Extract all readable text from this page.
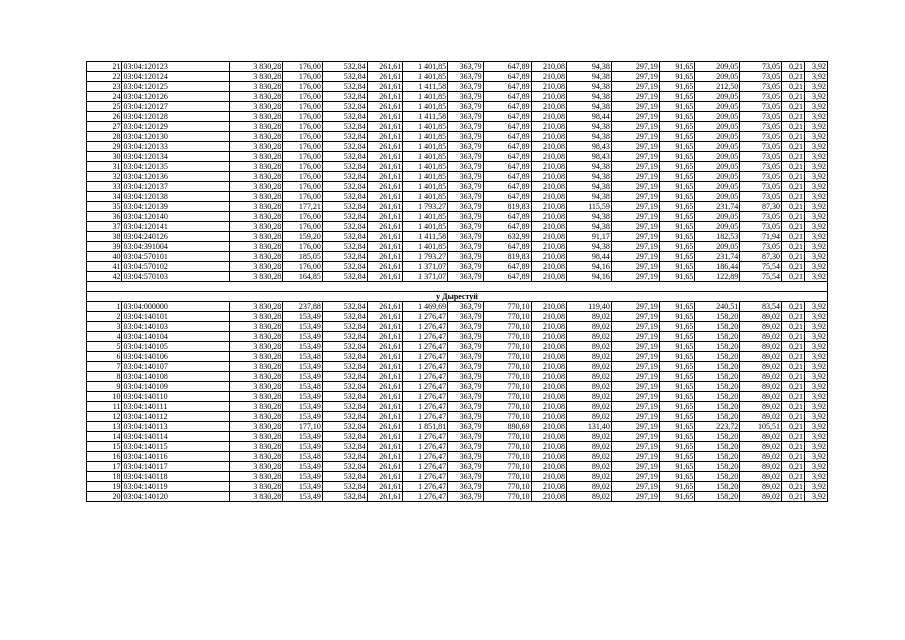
21	03:04:120123	3 830,28	176,00	532,84	261,61	1 401,85	363,79	647,89	210,08	94,38	297,19	91,65	209,05	73,05	0,21	3,92
22	03:04:120124	3 830,28	176,00	532,84	261,61	1 401,85	363,79	647,89	210,08	94,38	297,19	91,65	209,05	73,05	0,21	3,92
23	03:04:120125	3 830,28	176,00	532,84	261,61	1 411,58	363,79	647,89	210,08	94,38	297,19	91,65	212,50	73,05	0,21	3,92
24	03:04:120126	3 830,28	176,00	532,84	261,61	1 401,85	363,79	647,89	210,08	94,38	297,19	91,65	209,05	73,05	0,21	3,92
25	03:04:120127	3 830,28	176,00	532,84	261,61	1 401,85	363,79	647,89	210,08	94,38	297,19	91,65	209,05	73,05	0,21	3,92
26	03:04:120128	3 830,28	176,00	532,84	261,61	1 411,58	363,79	647,89	210,08	98,44	297,19	91,65	209,05	73,05	0,21	3,92
27	03:04:120129	3 830,28	176,00	532,84	261,61	1 401,85	363,79	647,89	210,08	94,38	297,19	91,65	209,05	73,05	0,21	3,92
28	03:04:120130	3 830,28	176,00	532,84	261,61	1 401,85	363,79	647,89	210,08	94,38	297,19	91,65	209,05	73,05	0,21	3,92
29	03:04:120133	3 830,28	176,00	532,84	261,61	1 401,85	363,79	647,89	210,08	98,43	297,19	91,65	209,05	73,05	0,21	3,92
30	03:04:120134	3 830,28	176,00	532,84	261,61	1 401,85	363,79	647,89	210,08	98,43	297,19	91,65	209,05	73,05	0,21	3,92
31	03:04:120135	3 830,28	176,00	532,84	261,61	1 401,85	363,79	647,89	210,08	94,38	297,19	91,65	209,05	73,05	0,21	3,92
32	03:04:120136	3 830,28	176,00	532,84	261,61	1 401,85	363,79	647,89	210,08	94,38	297,19	91,65	209,05	73,05	0,21	3,92
33	03:04:120137	3 830,28	176,00	532,84	261,61	1 401,85	363,79	647,89	210,08	94,38	297,19	91,65	209,05	73,05	0,21	3,92
34	03:04:120138	3 830,28	176,00	532,84	261,61	1 401,85	363,79	647,89	210,08	94,38	297,19	91,65	209,05	73,05	0,21	3,92
35	03:04:120139	3 830,28	177,21	532,84	261,61	1 793,27	363,79	819,83	210,08	115,59	297,19	91,65	231,74	87,30	0,21	3,92
36	03:04:120140	3 830,28	176,00	532,84	261,61	1 401,85	363,79	647,89	210,08	94,38	297,19	91,65	209,05	73,05	0,21	3,92
37	03:04:120141	3 830,28	176,00	532,84	261,61	1 401,85	363,79	647,89	210,08	94,38	297,19	91,65	209,05	73,05	0,21	3,92
38	03:04:240126	3 830,28	159,20	532,84	261,61	1 411,58	363,79	632,99	210,08	91,17	297,19	91,65	182,53	71,94	0,21	3,92
39	03:04:391004	3 830,28	176,00	532,84	261,61	1 401,85	363,79	647,89	210,08	94,38	297,19	91,65	209,05	73,05	0,21	3,92
40	03:04:570101	3 830,28	185,05	532,84	261,61	1 793,27	363,79	819,83	210,08	98,44	297,19	91,65	231,74	87,30	0,21	3,92
41	03:04:570102	3 830,28	176,00	532,84	261,61	1 371,07	363,79	647,89	210,08	94,16	297,19	91,65	186,44	75,54	0,21	3,92
42	03:04:570103	3 830,28	164,85	532,84	261,61	1 371,07	363,79	647,89	210,08	94,16	297,19	91,65	122,89	75,54	0,21	3,92

у Дырестуй																
1	03:04:000000	3 830,28	237,88	532,84	261,61	1 469,69	363,79	770,10	210,08	119,40	297,19	91,65	240,51	83,54	0,21	3,92
2	03:04:140101	3 830,28	153,49	532,84	261,61	1 276,47	363,79	770,10	210,08	89,02	297,19	91,65	158,20	89,02	0,21	3,92
3	03:04:140103	3 830,28	153,49	532,84	261,61	1 276,47	363,79	770,10	210,08	89,02	297,19	91,65	158,20	89,02	0,21	3,92
4	03:04:140104	3 830,28	153,49	532,84	261,61	1 276,47	363,79	770,10	210,08	89,02	297,19	91,65	158,20	89,02	0,21	3,92
5	03:04:140105	3 830,28	153,49	532,84	261,61	1 276,47	363,79	770,10	210,08	89,02	297,19	91,65	158,20	89,02	0,21	3,92
6	03:04:140106	3 830,28	153,48	532,84	261,61	1 276,47	363,79	770,10	210,08	89,02	297,19	91,65	158,20	89,02	0,21	3,92
7	03:04:140107	3 830,28	153,49	532,84	261,61	1 276,47	363,79	770,10	210,08	89,02	297,19	91,65	158,20	89,02	0,21	3,92
8	03:04:140108	3 830,28	153,49	532,84	261,61	1 276,47	363,79	770,10	210,08	89,02	297,19	91,65	158,20	89,02	0,21	3,92
9	03:04:140109	3 830,28	153,48	532,84	261,61	1 276,47	363,79	770,10	210,08	89,02	297,19	91,65	158,20	89,02	0,21	3,92
10	03:04:140110	3 830,28	153,49	532,84	261,61	1 276,47	363,79	770,10	210,08	89,02	297,19	91,65	158,20	89,02	0,21	3,92
11	03:04:140111	3 830,28	153,49	532,84	261,61	1 276,47	363,79	770,10	210,08	89,02	297,19	91,65	158,20	89,02	0,21	3,92
12	03:04:140112	3 830,28	153,49	532,84	261,61	1 276,47	363,79	770,10	210,08	89,02	297,19	91,65	158,20	89,02	0,21	3,92
13	03:04:140113	3 830,28	177,10	532,84	261,61	1 851,81	363,79	890,69	210,08	131,40	297,19	91,65	223,72	105,51	0,21	3,92
14	03:04:140114	3 830,28	153,49	532,84	261,61	1 276,47	363,79	770,10	210,08	89,02	297,19	91,65	158,20	89,02	0,21	3,92
15	03:04:140115	3 830,28	153,49	532,84	261,61	1 276,47	363,79	770,10	210,08	89,02	297,19	91,65	158,20	89,02	0,21	3,92
16	03:04:140116	3 830,28	153,48	532,84	261,61	1 276,47	363,79	770,10	210,08	89,02	297,19	91,65	158,20	89,02	0,21	3,92
17	03:04:140117	3 830,28	153,49	532,84	261,61	1 276,47	363,79	770,10	210,08	89,02	297,19	91,65	158,20	89,02	0,21	3,92
18	03:04:140118	3 830,28	153,49	532,84	261,61	1 276,47	363,79	770,10	210,08	89,02	297,19	91,65	158,20	89,02	0,21	3,92
19	03:04:140119	3 830,28	153,49	532,84	261,61	1 276,47	363,79	770,10	210,08	89,02	297,19	91,65	158,20	89,02	0,21	3,92
20	03:04:140120	3 830,28	153,49	532,84	261,61	1 276,47	363,79	770,10	210,08	89,02	297,19	91,65	158,20	89,02	0,21	3,92
